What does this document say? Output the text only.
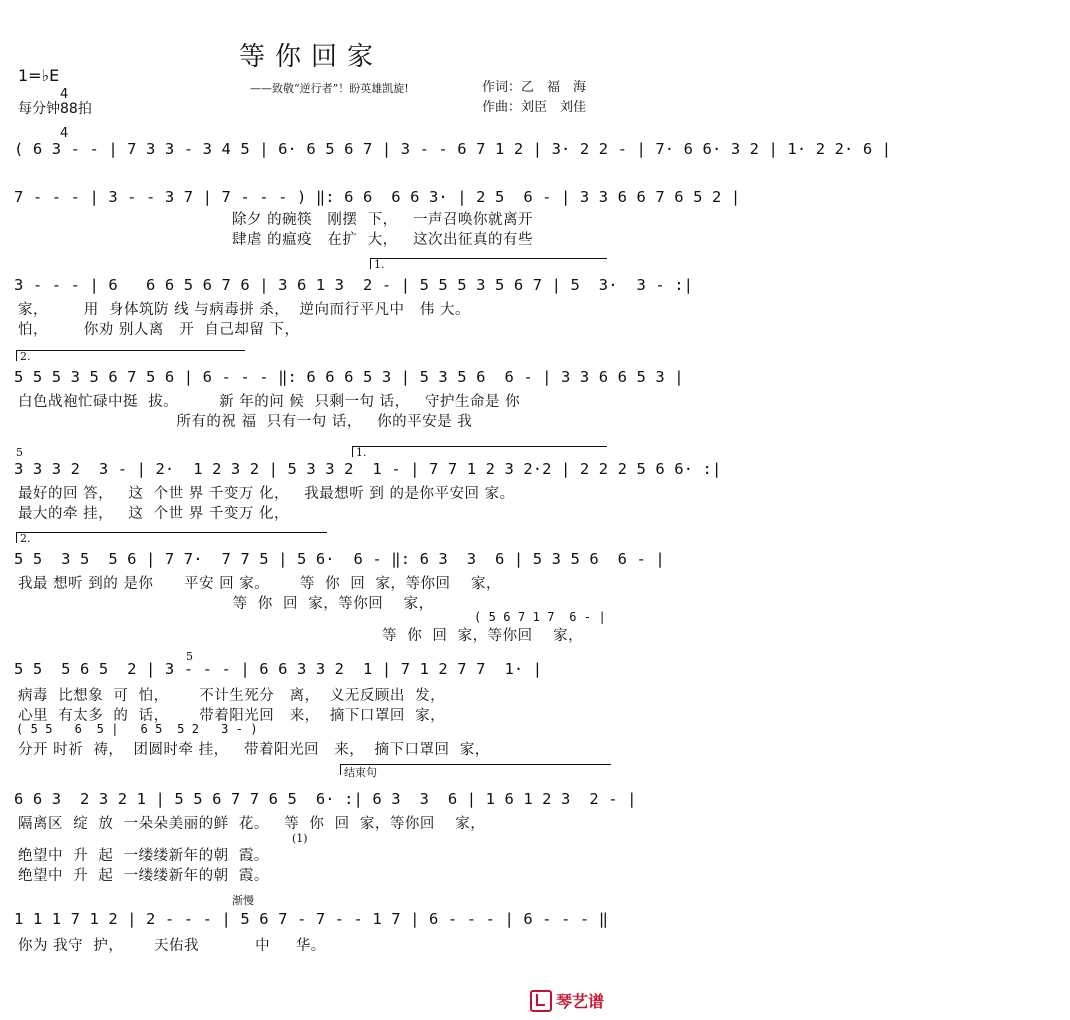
等你回家
——致敬“逆行者”！盼英雄凯旋!	作词：乙　福　海
作曲：刘臣　刘佳
1=♭E

4

4

每分钟88拍
( 6 3 - - | 7 3 3 - 3 4 5 | 6· 6 5 6 7 | 3 - - 6 7 1 2 | 3· 2 2 - | 7· 6 6· 3 2 | 1· 2 2· 6 |
7 - - - | 3 - - 3 7 | 7 - - - ) ‖: 6 6  6 6 3· | 2 5  6 - | 3 3 6 6 7 6 5 2 |
除夕 的碗筷   刚摆  下，   一声召唤你就离开
肆虐 的瘟疫   在扩  大，   这次出征真的有些
1.
3 - - - | 6   6 6 5 6 7 6 | 3 6 1 3  2 - | 5 5 5 3 5 6 7 | 5  3·  3 - :|
家，       用  身体筑防 线 与病毒拼 杀，  逆向而行平凡中   伟 大。
怕，       你劝 别人离   开  自己却留 下，
2.
5 5 5 3 5 6 7 5 6 | 6 - - - ‖: 6 6 6 5 3 | 5 3 5 6  6 - | 3 3 6 6 5 3 |
白色战袍忙碌中挺  拔。        新 年的问 候  只剩一句 话，   守护生命是 你
所有的祝 福  只有一句 话，   你的平安是 我
5	1.
3 3 3 2  3 - | 2·  1 2 3 2 | 5 3 3 2  1 - | 7 7 1 2 3 2·2 | 2 2 2 5 6 6· :|
最好的回 答，   这  个世 界 千变万 化，   我最想听 到 的是你平安回 家。
最大的牵 挂，   这  个世 界 千变万 化，
2.
5 5  3 5  5 6 | 7 7·  7 7 5 | 5 6·  6 - ‖: 6 3  3  6 | 5 3 5 6  6 - |
我最 想听 到的 是你      平安 回 家。      等  你  回  家，等你回    家，
等  你  回  家，等你回    家，
( 5 6 7 1 7  6 - |
等  你  回  家，等你回    家，
5
5 5  5 6 5  2 | 3 - - - | 6 6 3 3 2  1 | 7 1 2 7 7  1· |
病毒  比想象  可  怕，      不计生死分   离，  义无反顾出  发，
心里  有太多  的  话，      带着阳光回   来，  摘下口罩回  家，
( 5 5   6  5 |   6 5  5 2   3 - )
分开 时祈  祷，  团圆时牵 挂，   带着阳光回   来，  摘下口罩回  家，
结束句
6 6 3  2 3 2 1 | 5 5 6 7 7 6 5  6· :| 6 3  3  6 | 1 6 1 2 3  2 - |
隔离区  绽  放  一朵朵美丽的鲜  花。   等  你  回  家，等你回    家，
(1)
绝望中  升  起  一缕缕新年的朝  霞。
绝望中  升  起  一缕缕新年的朝  霞。
渐慢
1 1 1 7 1 2 | 2 - - - | 5 6 7 - 7 - - 1 7 | 6 - - - | 6 - - - ‖
你为 我守  护，      天佑我           中     华。
琴艺谱
